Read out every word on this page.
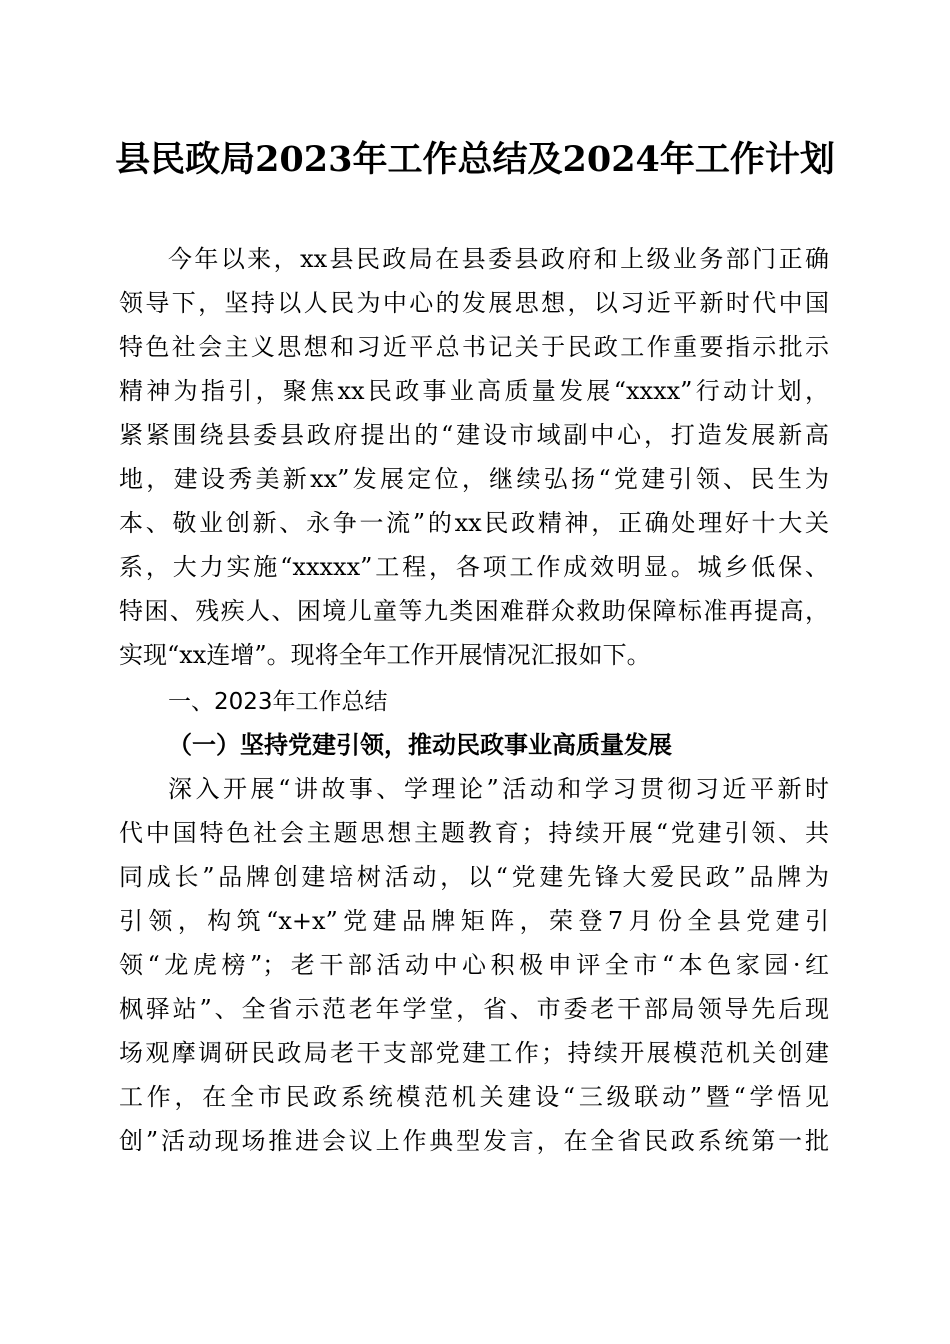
县民政局2023年工作总结及2024年工作计划
今年以来，xx县民政局在县委县政府和上级业务部门正确
领导下，坚持以人民为中心的发展思想，以习近平新时代中国
特色社会主义思想和习近平总书记关于民政工作重要指示批示
精神为指引，聚焦xx民政事业高质量发展“xxxx”行动计划，
紧紧围绕县委县政府提出的“建设市域副中心，打造发展新高
地，建设秀美新xx”发展定位，继续弘扬“党建引领、民生为
本、敬业创新、永争一流”的xx民政精神，正确处理好十大关
系，大力实施“xxxxx”工程，各项工作成效明显。城乡低保、
特困、残疾人、困境儿童等九类困难群众救助保障标准再提高，
实现“xx连增”。现将全年工作开展情况汇报如下。
一、2023年工作总结
（一）坚持党建引领，推动民政事业高质量发展
深入开展“讲故事、学理论”活动和学习贯彻习近平新时
代中国特色社会主题思想主题教育；持续开展“党建引领、共
同成长”品牌创建培树活动，以“党建先锋大爱民政”品牌为
引领，构筑“x+x”党建品牌矩阵，荣登7月份全县党建引
领“龙虎榜”；老干部活动中心积极申评全市“本色家园·红
枫驿站”、全省示范老年学堂，省、市委老干部局领导先后现
场观摩调研民政局老干支部党建工作；持续开展模范机关创建
工作，在全市民政系统模范机关建设“三级联动”暨“学悟见
创”活动现场推进会议上作典型发言，在全省民政系统第一批
